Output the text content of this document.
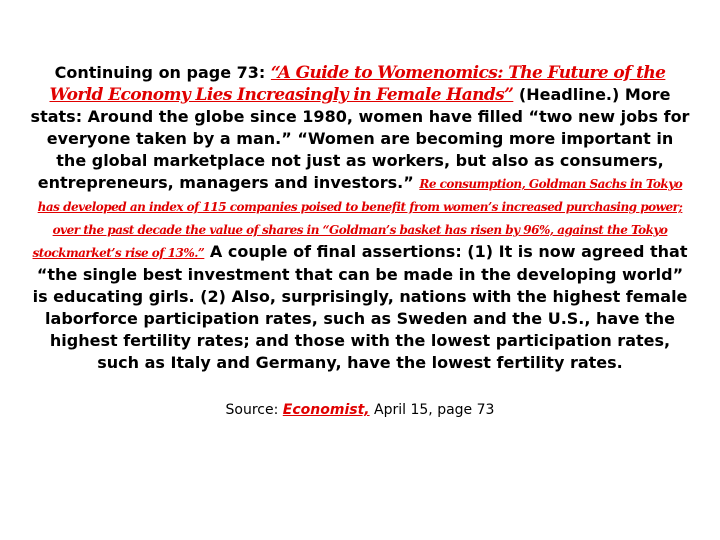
Continuing on page 73: “A Guide to Womenomics: The Future of the World Economy Lies Increasingly in Female Hands” (Headline.) More stats: Around the globe since 1980, women have filled “two new jobs for everyone taken by a man.” “Women are becoming more important in the global marketplace not just as workers, but also as consumers, entrepreneurs, managers and investors.” Re consumption, Goldman Sachs in Tokyo has developed an index of 115 companies poised to benefit from women’s increased purchasing power; over the past decade the value of shares in “Goldman’s basket has risen by 96%, against the Tokyo stockmarket’s rise of 13%.” A couple of final assertions: (1) It is now agreed that “the single best investment that can be made in the developing world” is educating girls. (2) Also, surprisingly, nations with the highest female laborforce participation rates, such as Sweden and the U.S., have the highest fertility rates; and those with the lowest participation rates, such as Italy and Germany, have the lowest fertility rates.

Source: Economist, April 15, page 73
